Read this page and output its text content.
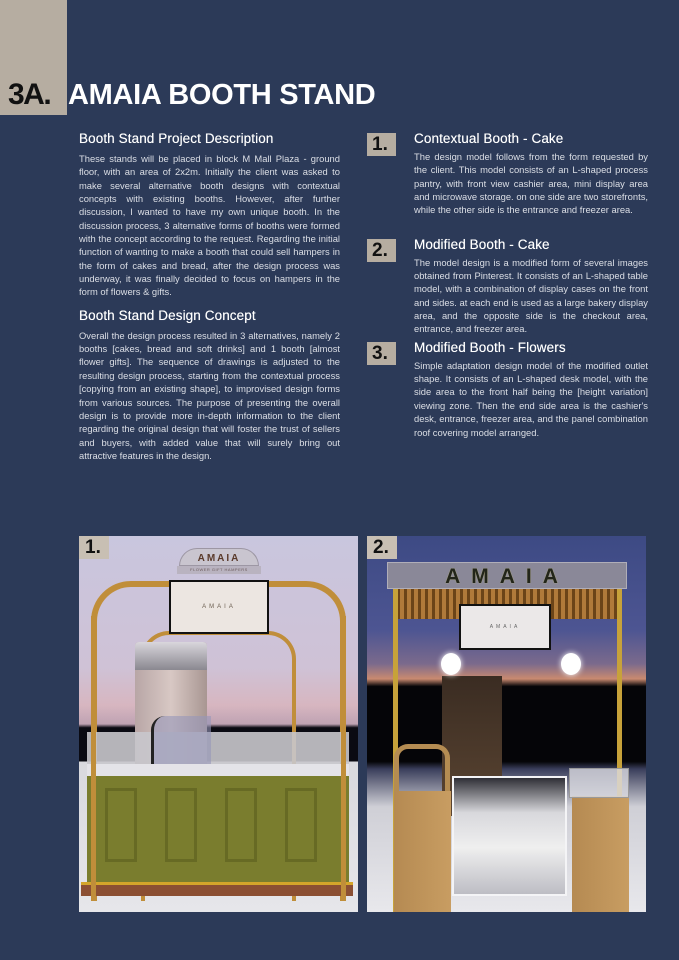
3A. AMAIA BOOTH STAND
Booth Stand Project Description

These stands will be placed in block M Mall Plaza - ground floor, with an area of 2x2m. Initially the client was asked to make several alternative booth designs with contextual concepts with existing booths. However, after further discussion, I wanted to have my own unique booth. In the discussion process, 3 alternative forms of booths were formed with the concept according to the request. Regarding the initial function of wanting to make a booth that could sell hampers in the form of cakes and bread, after the design process was underway, it was finally decided to focus on hampers in the form of flowers & gifts.

Booth Stand Design Concept

Overall the design process resulted in 3 alternatives, namely 2 booths [cakes, bread and soft drinks] and 1 booth [almost flower gifts]. The sequence of drawings is adjusted to the resulting design process, starting from the contextual process [copying from an existing shape], to improvised design forms from various sources. The purpose of presenting the overall design is to provide more in-depth information to the client regarding the original design that will foster the trust of sellers and buyers, with added value that will surely bring out attractive features in the design.

1.	Contextual Booth - Cake

The design model follows from the form requested by the client. This model consists of an L-shaped process pantry, with front view cashier area, mini display area and microwave storage. on one side are two storefronts, while the other side is the entrance and freezer area.

2.	Modified Booth - Cake

The model design is a modified form of several images obtained from Pinterest. It consists of an L-shaped table model, with a combination of display cases on the front and sides. at each end is used as a large bakery display area, and the opposite side is the checkout area, entrance, and freezer area.

3.	Modified Booth - Flowers

Simple adaptation design model of the modified outlet shape. It consists of an L-shaped desk model, with the side area to the front half being the [height variation] viewing zone. Then the end side area is the cashier's desk, entrance, freezer area, and the panel combination roof covering model arranged.

1.
AMAIA
FLOWER GIFT HAMPERS
AMAIA
2.
AMAIA
AMAIA
